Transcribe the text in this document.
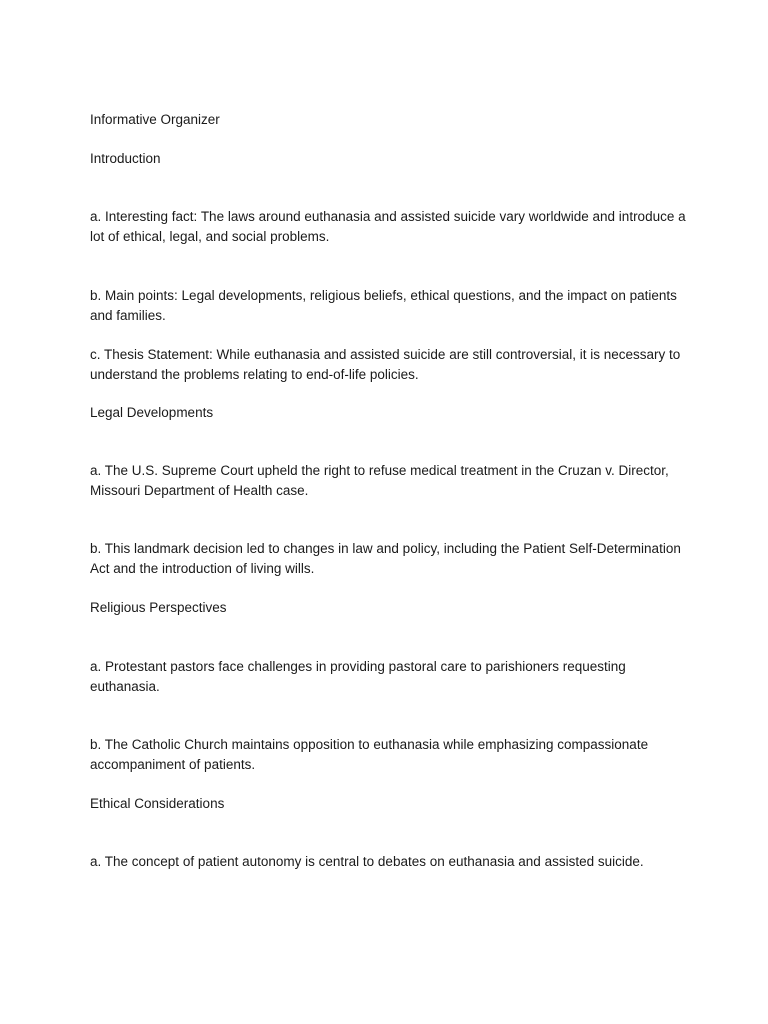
Informative Organizer
Introduction
a. Interesting fact: The laws around euthanasia and assisted suicide vary worldwide and introduce a lot of ethical, legal, and social problems.
b. Main points: Legal developments, religious beliefs, ethical questions, and the impact on patients and families.
c. Thesis Statement: While euthanasia and assisted suicide are still controversial, it is necessary to understand the problems relating to end-of-life policies.
Legal Developments
a. The U.S. Supreme Court upheld the right to refuse medical treatment in the Cruzan v. Director, Missouri Department of Health case.
b. This landmark decision led to changes in law and policy, including the Patient Self-Determination Act and the introduction of living wills.
Religious Perspectives
a. Protestant pastors face challenges in providing pastoral care to parishioners requesting euthanasia.
b. The Catholic Church maintains opposition to euthanasia while emphasizing compassionate accompaniment of patients.
Ethical Considerations
a. The concept of patient autonomy is central to debates on euthanasia and assisted suicide.
